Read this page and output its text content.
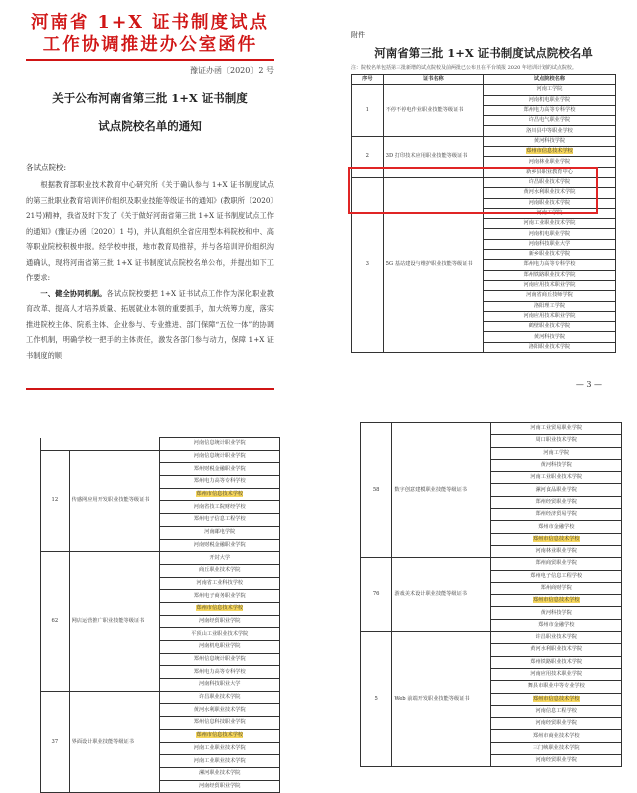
河南省 1+X 证书制度试点
工作协调推进办公室函件
豫证办函〔2020〕2 号
关于公布河南省第三批 1+X 证书制度
试点院校名单的通知
各试点院校:

根据教育部职业技术教育中心研究所《关于确认参与 1+X 证书制度试点的第三批职业教育培训评价组织及职业技能等级证书的通知》(教职所〔2020〕21号)精神，我省及时下发了《关于做好河南省第三批 1+X 证书制度试点工作的通知》(豫证办函〔2020〕1 号)，并认真组织全省应用型本科院校和中、高等职业院校积极申报。经学校申报，地市教育局推荐，并与各培训评价组织沟通确认，现将河南省第三批 1+X 证书制度试点院校名单公布，并提出如下工作要求:

一、健全协同机制。各试点院校要把 1+X 证书试点工作作为深化职业教育改革、提高人才培养质量、拓展就业本领的重要抓手，加大统筹力度，落实推进院校主体、院系主体、企业参与、专业推进、部门保障“五位一体”的协调工作机制，明确学校一把手的主体责任，激发各部门参与动力，保障 1+X 证书制度的顺

附件
河南省第三批 1+X 证书制度试点院校名单
注：院校名单包括第三批新增的试点院校及前两批已公布且在平台填报 2020 年培训计划的试点院校。
序号	证书名称	试点院校名称
1	不停不停电作业职业技能等级证书	河南工学院
		河南机电职业学院
		郑州电力高等专科学校
		许昌电气职业学院
		洛川县中等职业学校
2	3D 打印技术应用职业技能等级证书	黄河科技学院
		郑州市信息技术学校
		河南林业职业学院
		新乡县职业教育中心
3	5G 基站建设与维护职业技能等级证书	许昌职业技术学院
		黄河水利职业技术学院
		河南职业技术学院
		河南工学院
		河南工业职业技术学院
		河南机电职业学院
		河南科技职业大学
		新乡职业技术学院
		郑州电力高等专科学校
		郑州铁路职业技术学院
		河南应用技术职业学院
		河南省商丘技师学院
		洛阳理工学院
		河南应用技术职业学院
		鹤壁职业技术学院
		黄河科技学院
		洛阳职业技术学院
— 3 —
		河南信息统计职业学院
12	传感网应用开发职业技能等级证书	河南信息统计职业学院
		郑州财税金融职业学院
		郑州电力高等专科学校
		郑州市信息技术学校
		河南省技工院财经学校
		郑州电子信息工程学校
		河南邮电学院
		河南财税金融职业学院
62	网店运营推广职业技能等级证书	开封大学
		商丘职业技术学院
		河南省工业科技学校
		郑州电子商务职业学院
		郑州市信息技术学校
		河南经贸职业学院
		平顶山工业职业技术学院
		河南机电职业学院
		郑州信息统计职业学院
		郑州电力高等专科学校
		河南科技职业大学
37	界面设计职业技能等级证书	许昌职业技术学院
		黄河水利职业技术学院
		郑州信息科技职业学院
		郑州市信息技术学校
		河南工业职业技术学院
		河南工业职业技术学院
		漯河职业技术学院
		河南经贸职业学院
58	数字创意建模职业技能等级证书	河南工业贸易职业学院
		周口职业技术学院
		河南工学院
		黄河科技学院
		河南工业职业技术学院
		漯河食品职业学院
		郑州经贸职业学院
		郑州经济贸易学院
		郑州市金融学校
		郑州市信息技术学校
		河南林业职业学院
76	游戏美术设计职业技能等级证书	郑州商贸职业学院
		郑州电子信息工程学校
		郑州商财学院
		郑州市信息技术学校
		黄河科技学院
		郑州市金融学校
5	Web 前端开发职业技能等级证书	许昌职业技术学院
		黄河水利职业技术学院
		郑州铁路职业技术学院
		河南应用技术职业学院
		舞县市职业中等专业学校
		郑州市信息技术学校
		河南信息工程学校
		河南经贸职业学院
		郑州市商业技术学校
		三门峡职业技术学院
		河南经贸职业学院
